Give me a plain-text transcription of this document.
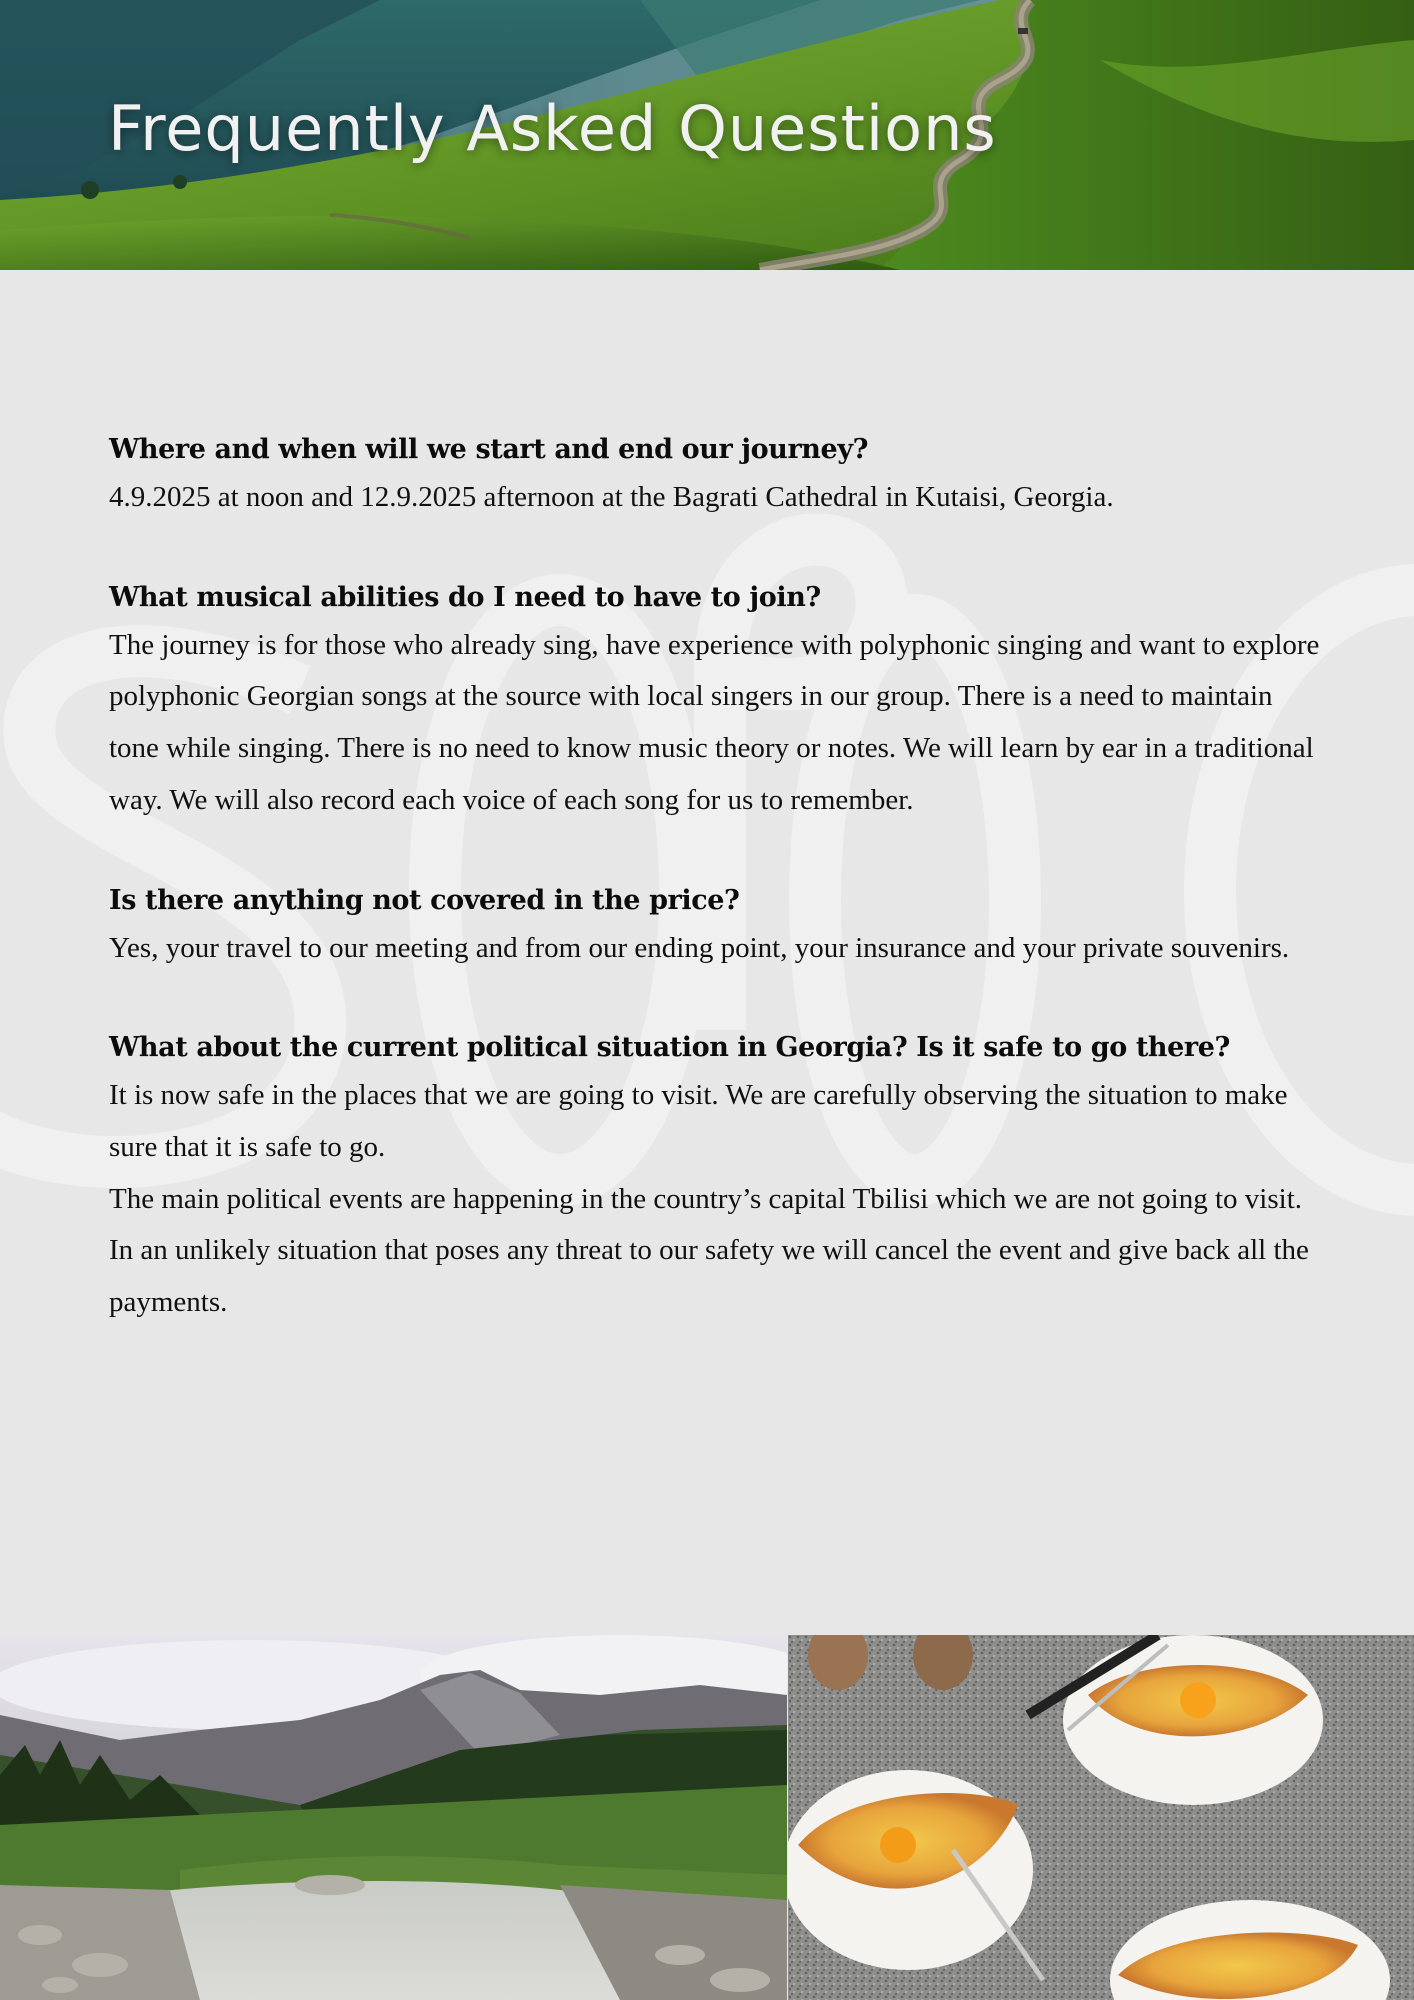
Frequently Asked Questions
Where and when will we start and end our journey?
4.9.2025 at noon and 12.9.2025 afternoon at the Bagrati Cathedral in Kutaisi, Georgia.
What musical abilities do I need to have to join?
The journey is for those who already sing, have experience with polyphonic singing and want to explore polyphonic Georgian songs at the source with local singers in our group. There is a need to maintain tone while singing. There is no need to know music theory or notes. We will learn by ear in a traditional way. We will also record each voice of each song for us to remember.
Is there anything not covered in the price?
Yes, your travel to our meeting and from our ending point, your insurance and your private souvenirs.
What about the current political situation in Georgia? Is it safe to go there?
It is now safe in the places that we are going to visit. We are carefully observing the situation to make sure that it is safe to go.
The main political events are happening in the country’s capital Tbilisi which we are not going to visit. In an unlikely situation that poses any threat to our safety we will cancel the event and give back all the payments.
